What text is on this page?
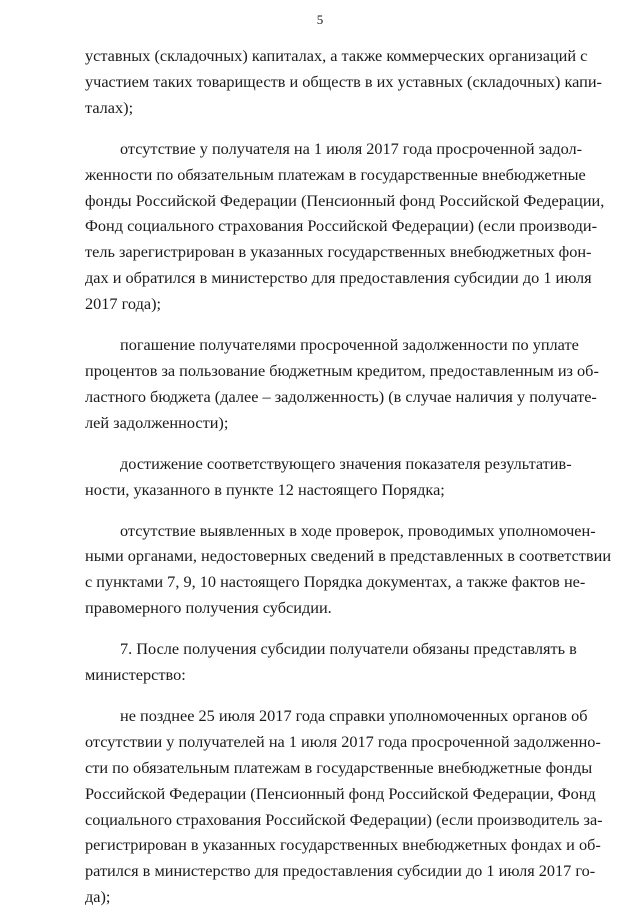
5

уставных (складочных) капиталах, а также коммерческих организаций с
участием таких товариществ и обществ в их уставных (складочных) капи-
талах);

отсутствие у получателя на 1 июля 2017 года просроченной задол-
женности по обязательным платежам в государственные внебюджетные
фонды Российской Федерации (Пенсионный фонд Российской Федерации,
Фонд социального страхования Российской Федерации) (если производи-
тель зарегистрирован в указанных государственных внебюджетных фон-
дах и обратился в министерство для предоставления субсидии до 1 июля
2017 года);

погашение получателями просроченной задолженности по уплате
процентов за пользование бюджетным кредитом, предоставленным из об-
ластного бюджета (далее – задолженность) (в случае наличия у получате-
лей задолженности);

достижение соответствующего значения показателя результатив-
ности, указанного в пункте 12 настоящего Порядка;

отсутствие выявленных в ходе проверок, проводимых уполномочен-
ными органами, недостоверных сведений в представленных в соответствии
с пунктами 7, 9, 10 настоящего Порядка документах, а также фактов не-
правомерного получения субсидии.

7. После получения субсидии получатели обязаны представлять в
министерство:

не позднее 25 июля 2017 года справки уполномоченных органов об
отсутствии у получателей на 1 июля 2017 года просроченной задолженно-
сти по обязательным платежам в государственные внебюджетные фонды
Российской Федерации (Пенсионный фонд Российской Федерации, Фонд
социального страхования Российской Федерации) (если производитель за-
регистрирован в указанных государственных внебюджетных фондах и об-
ратился в министерство для предоставления субсидии до 1 июля 2017 го-
да);
